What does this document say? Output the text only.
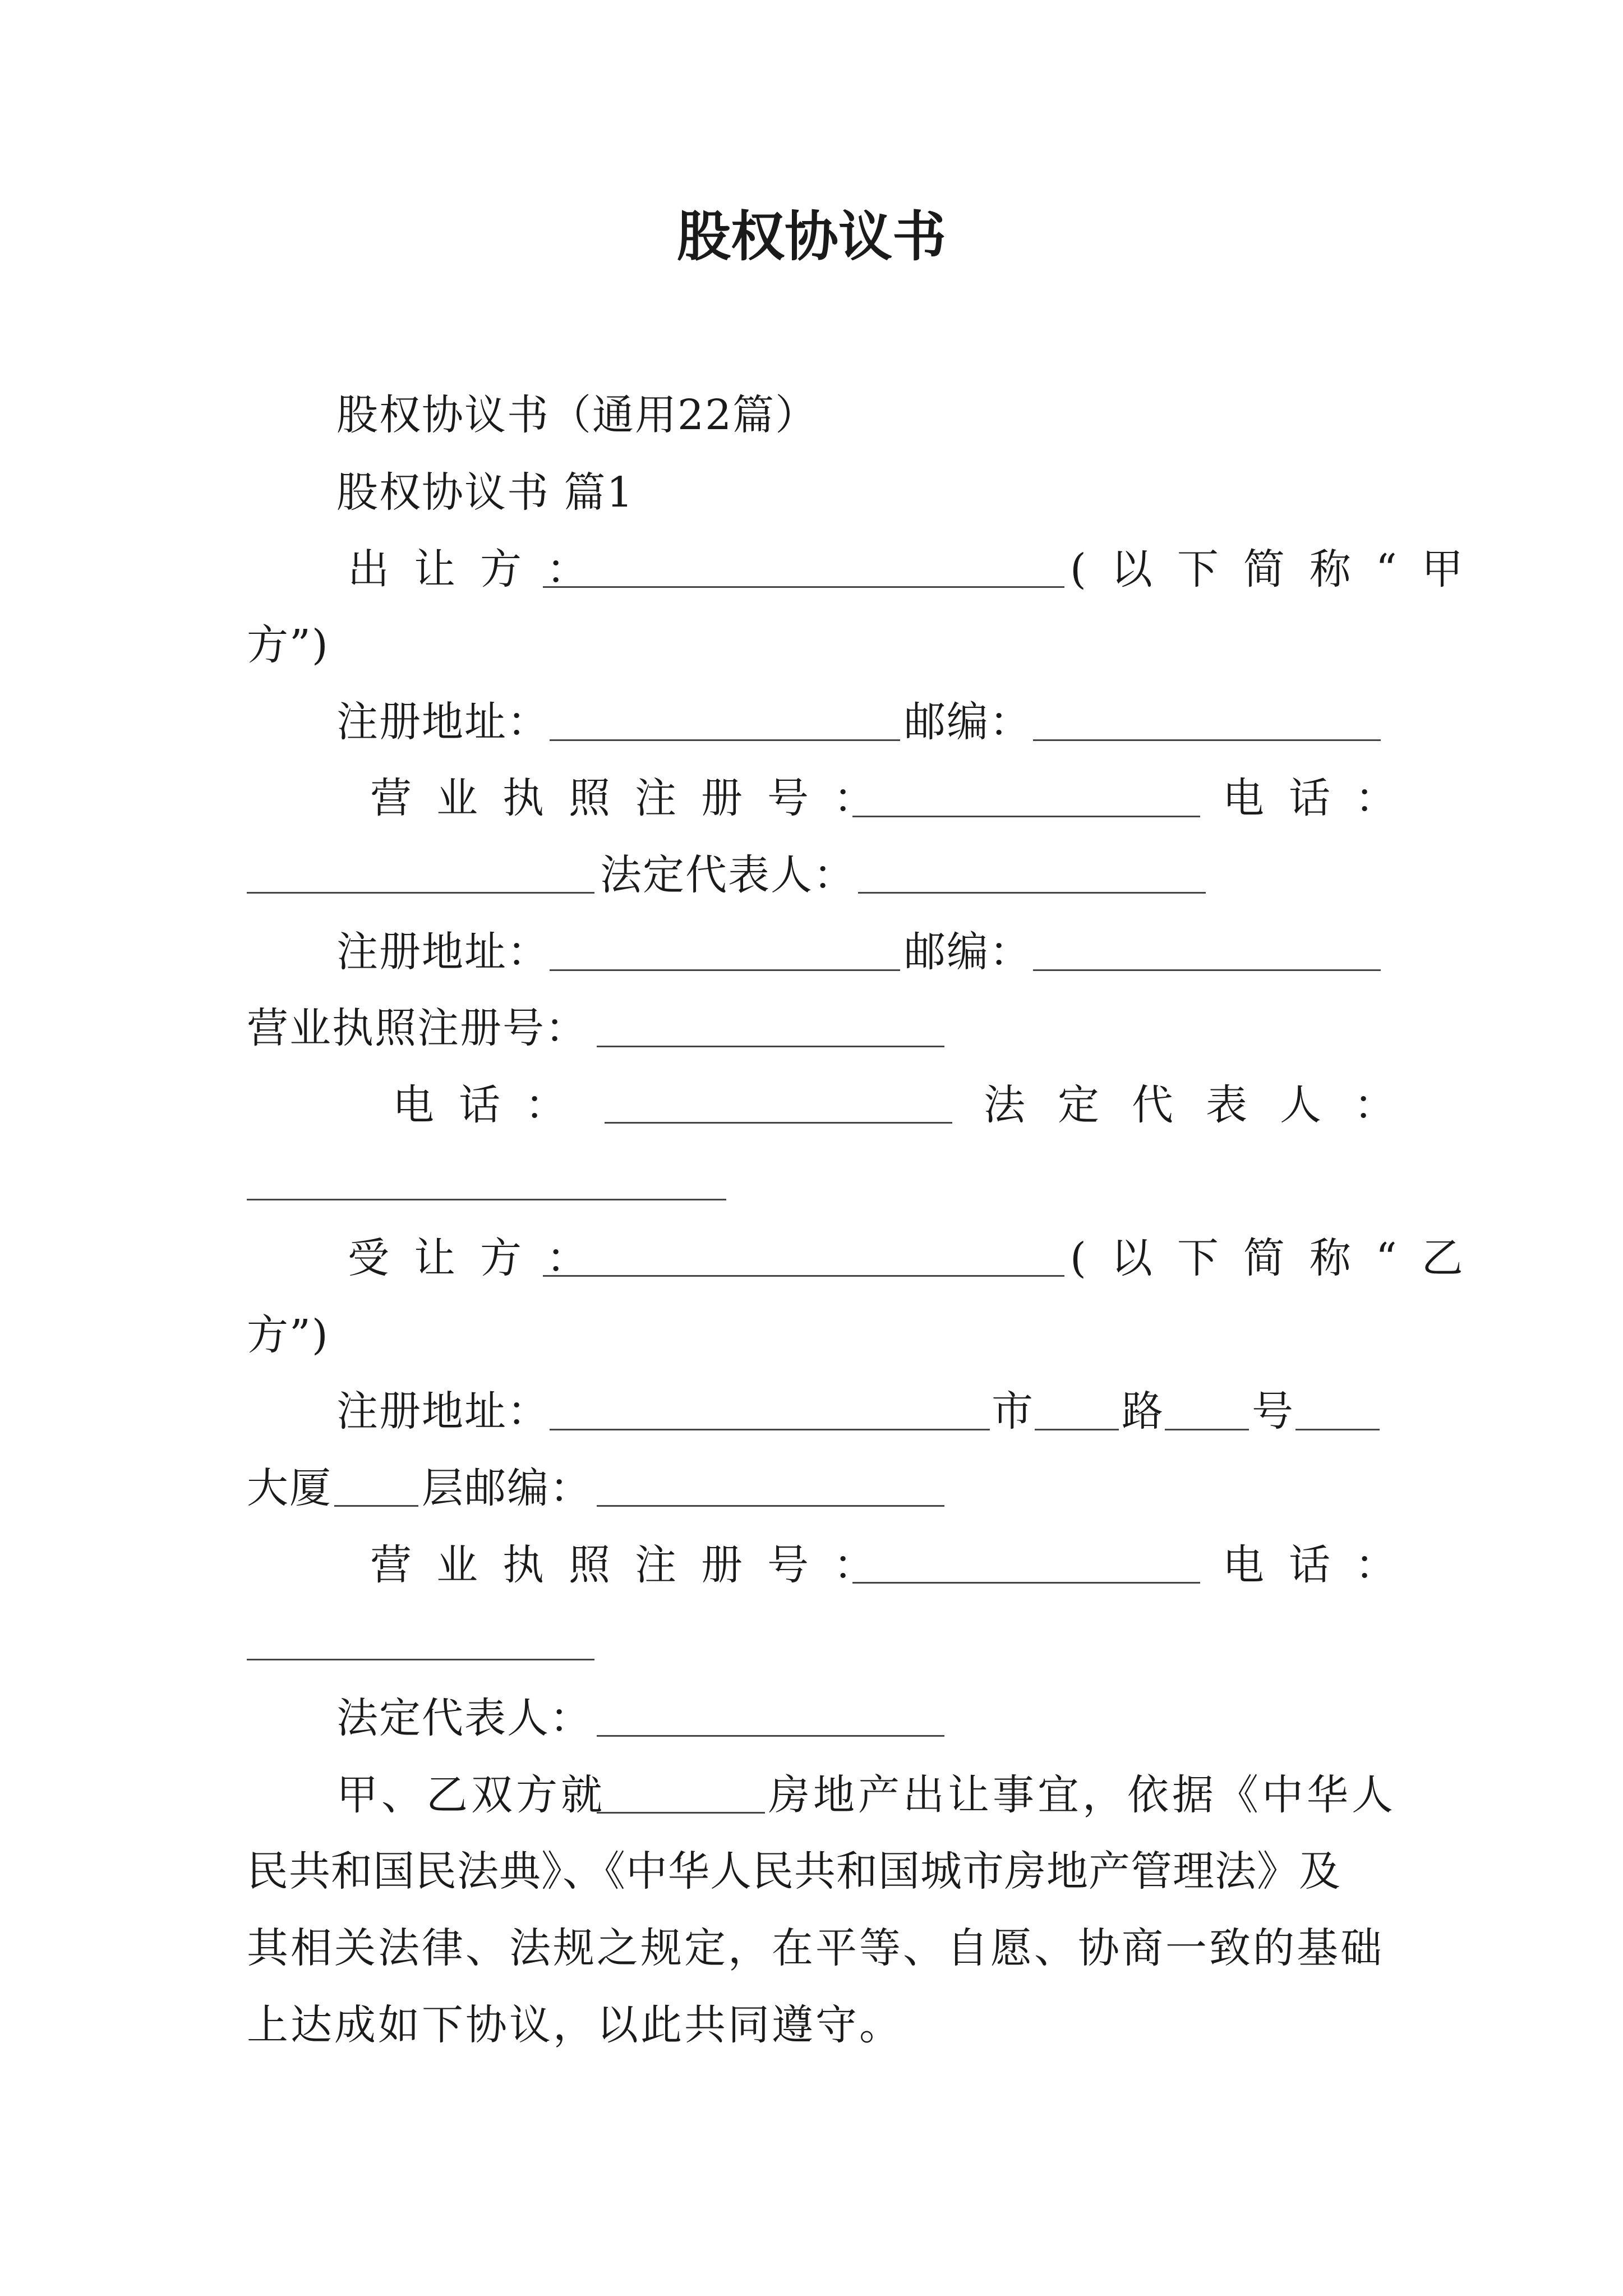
股权协议书
股权协议书（通用22篇）
股权协议书 篇1
出让方：	(以下简称“甲
方”)
注册地址：	邮编：
营业执照注册号：	电话：
法定代表人：
注册地址：	邮编：
营业执照注册号：
电话：	法定代表人：
受让方：	(以下简称“乙
方”)
注册地址：	市 路 号
大厦 层邮编：
营业执照注册号：	电话：
法定代表人：
甲、乙双方就	房地产出让事宜，依据《中华人
民共和国民法典》、《中华人民共和国城市房地产管理法》及
其相关法律、法规之规定，在平等、自愿、协商一致的基础
上达成如下协议，以此共同遵守。
